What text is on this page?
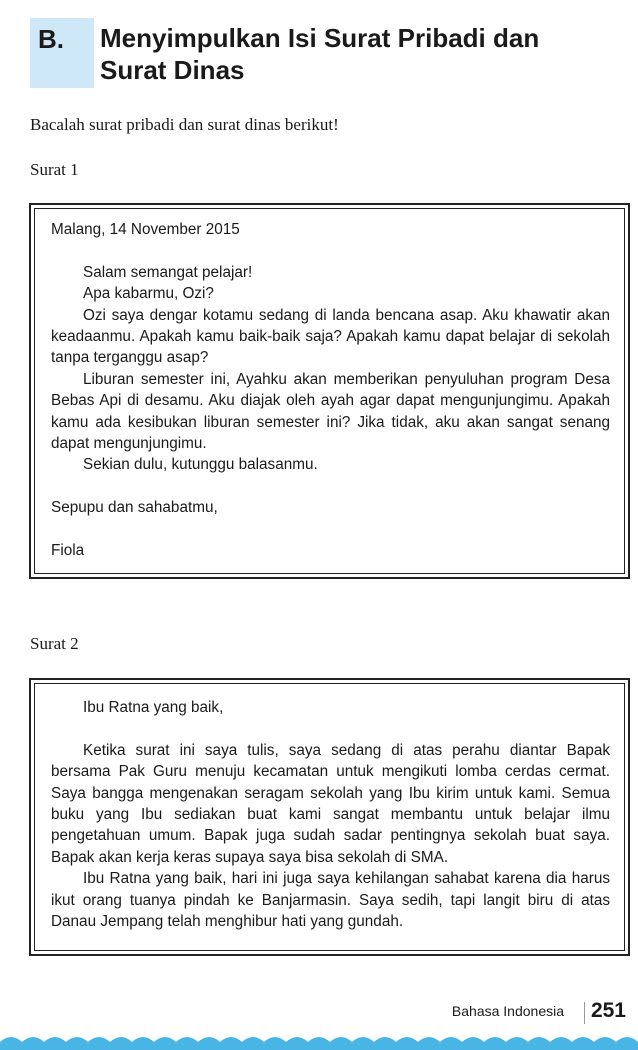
B.	Menyimpulkan Isi Surat Pribadi dan
Surat Dinas

Bacalah surat pribadi dan surat dinas berikut!

Surat 1

Malang, 14 November 2015

Salam semangat pelajar!

Apa kabarmu, Ozi?

Ozi saya dengar kotamu sedang di landa bencana asap. Aku khawatir akan keadaanmu. Apakah kamu baik-baik saja? Apakah kamu dapat belajar di sekolah tanpa terganggu asap?

Liburan semester ini, Ayahku akan memberikan penyuluhan program Desa Bebas Api di desamu. Aku diajak oleh ayah agar dapat mengunjungimu. Apakah kamu ada kesibukan liburan semester ini? Jika tidak, aku akan sangat senang dapat mengunjungimu.

Sekian dulu, kutunggu balasanmu.

Sepupu dan sahabatmu,

Fiola

Surat 2

Ibu Ratna yang baik,

Ketika surat ini saya tulis, saya sedang di atas perahu diantar Bapak bersama Pak Guru menuju kecamatan untuk mengikuti lomba cerdas cermat. Saya bangga mengenakan seragam sekolah yang Ibu kirim untuk kami. Semua buku yang Ibu sediakan buat kami sangat membantu untuk belajar ilmu pengetahuan umum. Bapak juga sudah sadar pentingnya sekolah buat saya. Bapak akan kerja keras supaya saya bisa sekolah di SMA.

Ibu Ratna yang baik, hari ini juga saya kehilangan sahabat karena dia harus ikut orang tuanya pindah ke Banjarmasin. Saya sedih, tapi langit biru di atas Danau Jempang telah menghibur hati yang gundah.

Bahasa Indonesia 251
